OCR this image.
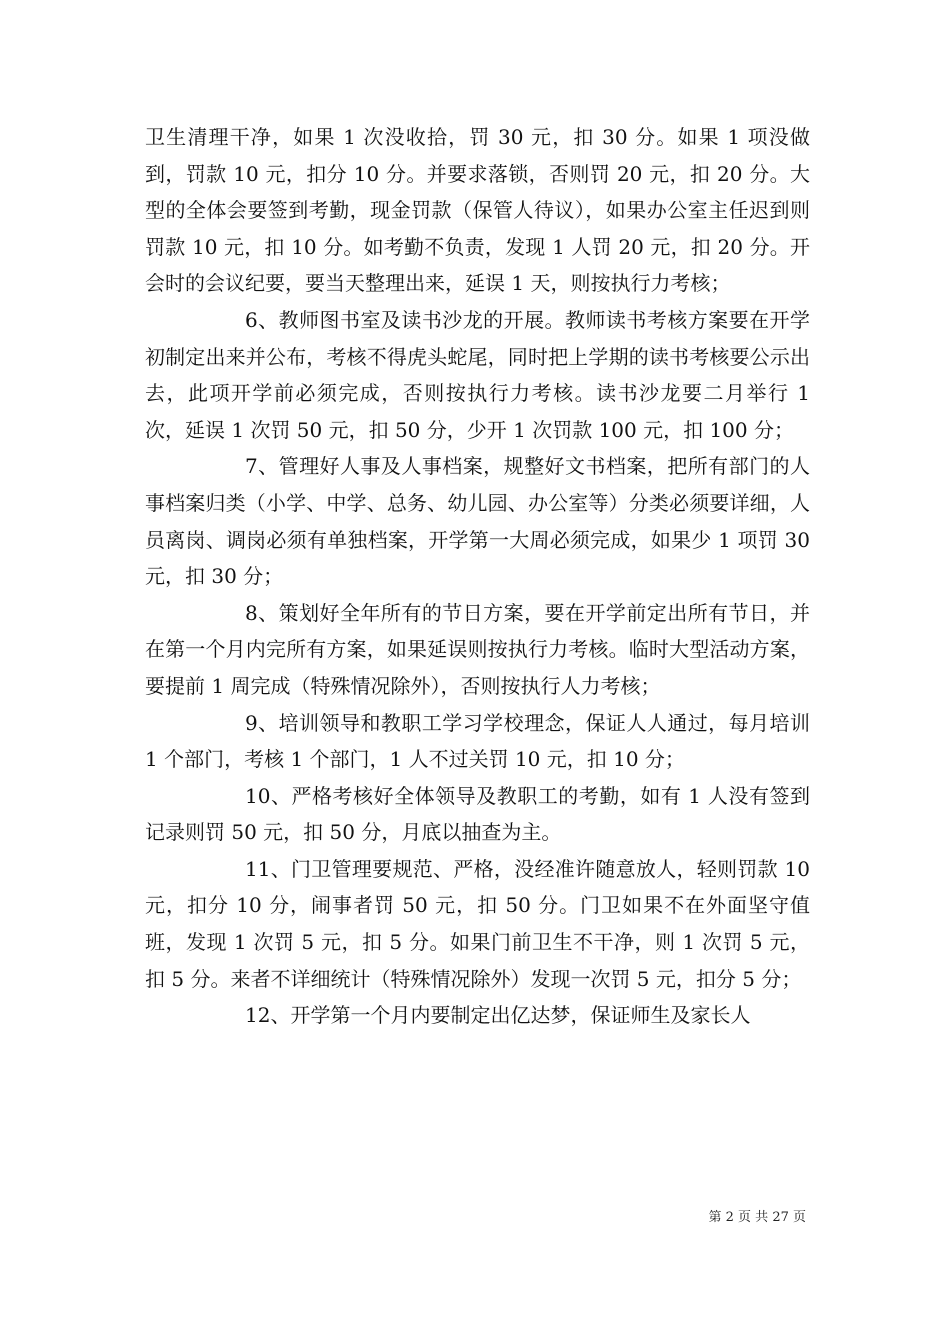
卫生清理干净，如果 1 次没收拾，罚 30 元，扣 30 分。如果 1 项没做到，罚款 10 元，扣分 10 分。并要求落锁，否则罚 20 元，扣 20 分。大型的全体会要签到考勤，现金罚款（保管人待议），如果办公室主任迟到则罚款 10 元，扣 10 分。如考勤不负责，发现 1 人罚 20 元，扣 20 分。开会时的会议纪要，要当天整理出来，延误 1 天，则按执行力考核；

6、教师图书室及读书沙龙的开展。教师读书考核方案要在开学初制定出来并公布，考核不得虎头蛇尾，同时把上学期的读书考核要公示出去，此项开学前必须完成，否则按执行力考核。读书沙龙要二月举行 1 次，延误 1 次罚 50 元，扣 50 分，少开 1 次罚款 100 元，扣 100 分；

7、管理好人事及人事档案，规整好文书档案，把所有部门的人事档案归类（小学、中学、总务、幼儿园、办公室等）分类必须要详细，人员离岗、调岗必须有单独档案，开学第一大周必须完成，如果少 1 项罚 30 元，扣 30 分；

8、策划好全年所有的节日方案，要在开学前定出所有节日，并在第一个月内完所有方案，如果延误则按执行力考核。临时大型活动方案，要提前 1 周完成（特殊情况除外），否则按执行人力考核；

9、培训领导和教职工学习学校理念，保证人人通过，每月培训 1 个部门，考核 1 个部门，1 人不过关罚 10 元，扣 10 分；

10、严格考核好全体领导及教职工的考勤，如有 1 人没有签到记录则罚 50 元，扣 50 分，月底以抽查为主。

11、门卫管理要规范、严格，没经准许随意放人，轻则罚款 10 元，扣分 10 分，闹事者罚 50 元，扣 50 分。门卫如果不在外面坚守值班，发现 1 次罚 5 元，扣 5 分。如果门前卫生不干净，则 1 次罚 5 元，扣 5 分。来者不详细统计（特殊情况除外）发现一次罚 5 元，扣分 5 分；

12、开学第一个月内要制定出亿达梦，保证师生及家长人

第 2 页 共 27 页
